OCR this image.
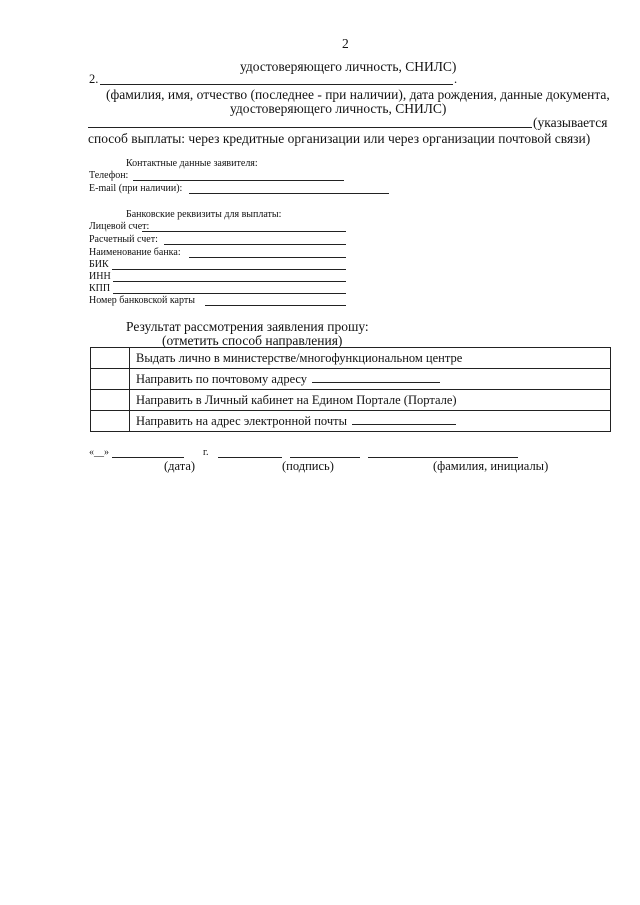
2
удостоверяющего личность, СНИЛС)
2.	.
(фамилия, имя, отчество (последнее - при наличии), дата рождения, данные документа,
удостоверяющего личность, СНИЛС)
(указывается
способ выплаты: через кредитные организации или через организации почтовой связи)
Контактные данные заявителя:
Телефон:
E-mail (при наличии):
Банковские реквизиты для выплаты:
Лицевой счет:
Расчетный счет:
Наименование банка:
БИК
ИНН
КПП
Номер банковской карты
Результат рассмотрения заявления прошу:
(отметить способ направления)
	Выдать лично в министерстве/многофункциональном центре
	Направить по почтовому адресу
	Направить в Личный кабинет на Едином Портале (Портале)
	Направить на адрес электронной почты
«__»	г.
(дата)	(подпись)	(фамилия, инициалы)
